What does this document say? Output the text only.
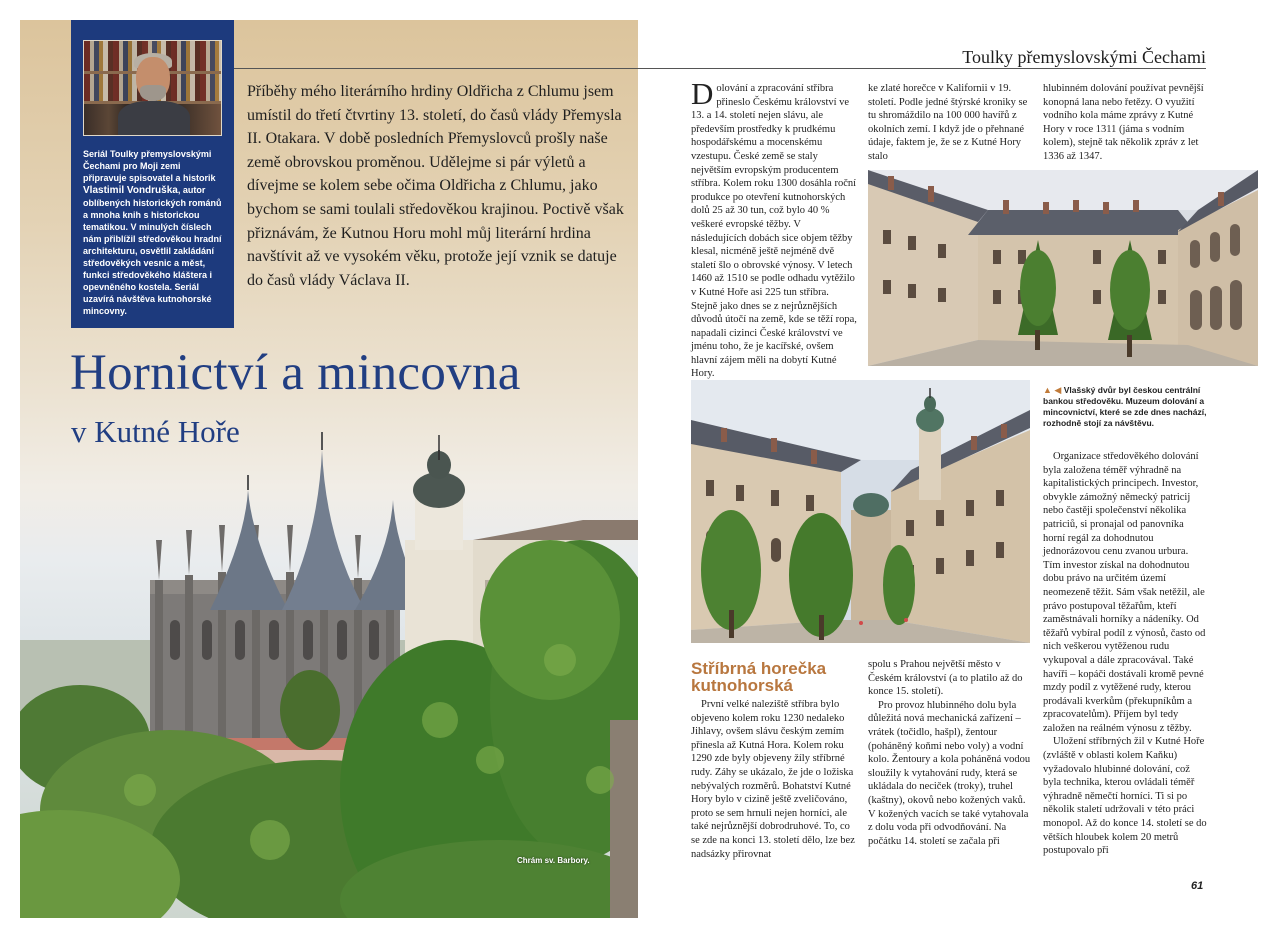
Seriál Toulky přemyslovskými Čechami pro Moji zemi připravuje spisovatel a historik Vlastimil Vondruška, autor oblíbených historických románů a mnoha knih s historickou tematikou. V minulých číslech nám přiblížil středověkou hradní architekturu, osvětlil zakládání středověkých vesnic a měst, funkci středověkého kláštera i opevněného kostela. Seriál uzavírá návštěva kutnohorské mincovny.
Příběhy mého literárního hrdiny Oldřicha z Chlumu jsem umístil do třetí čtvrtiny 13. století, do časů vlády Přemysla II. Otakara. V době posledních Přemyslovců prošly naše země obrovskou proměnou. Udělejme si pár výletů a dívejme se kolem sebe očima Oldřicha z Chlumu, jako bychom se sami toulali středověkou krajinou. Poctivě však přiznávám, že Kutnou Horu mohl můj literární hrdina navštívit až ve vysokém věku, protože její vznik se datuje do časů vlády Václava II.
Hornictví a mincovna
v Kutné Hoře
Chrám sv. Barbory.
Toulky přemyslovskými Čechami

Dolování a zpracování stříbra přineslo Českému království ve 13. a 14. století nejen slávu, ale především prostředky k prudkému hospodářskému a mocenskému vzestupu. České země se staly největším evropským producentem stříbra. Kolem roku 1300 dosáhla roční produkce po otevření kutnohorských dolů 25 až 30 tun, což bylo 40 % veškeré evropské těžby. V následujících dobách sice objem těžby klesal, nicméně ještě nejméně dvě staletí šlo o obrovské výnosy. V letech 1460 až 1510 se podle odhadu vytěžilo v Kutné Hoře asi 225 tun stříbra. Stejně jako dnes se z nejrůznějších důvodů útočí na země, kde se těží ropa, napadali cizinci České království ve jménu toho, že je kacířské, ovšem hlavní zájem měli na dobytí Kutné Hory.

ke zlaté horečce v Kalifornii v 19. století. Podle jedné štýrské kroniky se tu shromáždilo na 100 000 havířů z okolních zemí. I když jde o přehnané údaje, faktem je, že se z Kutné Hory stalo

hlubinném dolování používat pevnější konopná lana nebo řetězy. O využití vodního kola máme zprávy z Kutné Hory v roce 1311 (jáma s vodním kolem), stejně tak několik zpráv z let 1336 až 1347.

▲ ◀ Vlašský dvůr byl českou centrální bankou středověku. Muzeum dolování a mincovnictví, které se zde dnes nachází, rozhodně stojí za návštěvu.

Organizace středověkého dolování byla založena téměř výhradně na kapitalistických principech. Investor, obvykle zámožný německý patricij nebo častěji společenství několika patriciů, si pronajal od panovníka horní regál za dohodnutou jednorázovou cenu zvanou urbura. Tím investor získal na dohodnutou dobu právo na určitém území neomezeně těžit. Sám však netěžil, ale právo postupoval těžařům, kteří zaměstnávali horníky a nádeníky. Od těžařů vybíral podíl z výnosů, často od nich veškerou vytěženou rudu vykupoval a dále zpracovával. Také havíři – kopáči dostávali kromě pevné mzdy podíl z vytěžené rudy, kterou prodávali kverkům (překupníkům a zpracovatelům). Příjem byl tedy založen na reálném výnosu z těžby.

Uložení stříbrných žil v Kutné Hoře (zvláště v oblasti kolem Kaňku) vyžadovalo hlubinné dolování, což byla technika, kterou ovládali téměř výhradně němečtí horníci. Ti si po několik staletí udržovali v této práci monopol. Až do konce 14. století se do větších hloubek kolem 20 metrů postupovalo při

Stříbrná horečka
kutnohorská

První velké naleziště stříbra bylo objeveno kolem roku 1230 nedaleko Jihlavy, ovšem slávu českým zemím přinesla až Kutná Hora. Kolem roku 1290 zde byly objeveny žíly stříbrné rudy. Záhy se ukázalo, že jde o ložiska nebývalých rozměrů. Bohatství Kutné Hory bylo v cizině ještě zveličováno, proto se sem hrnuli nejen horníci, ale také nejrůznější dobrodruhové. To, co se zde na konci 13. století dělo, lze bez nadsázky přirovnat

spolu s Prahou největší město v Českém království (a to platilo až do konce 15. století).

Pro provoz hlubinného dolu byla důležitá nová mechanická zařízení – vrátek (točidlo, hašpl), žentour (poháněný koňmi nebo voly) a vodní kolo. Žentoury a kola poháněná vodou sloužily k vytahování rudy, která se ukládala do neciček (troky), truhel (kaštny), okovů nebo kožených vaků. V kožených vacích se také vytahovala z dolu voda při odvodňování. Na počátku 14. století se začala při

61
